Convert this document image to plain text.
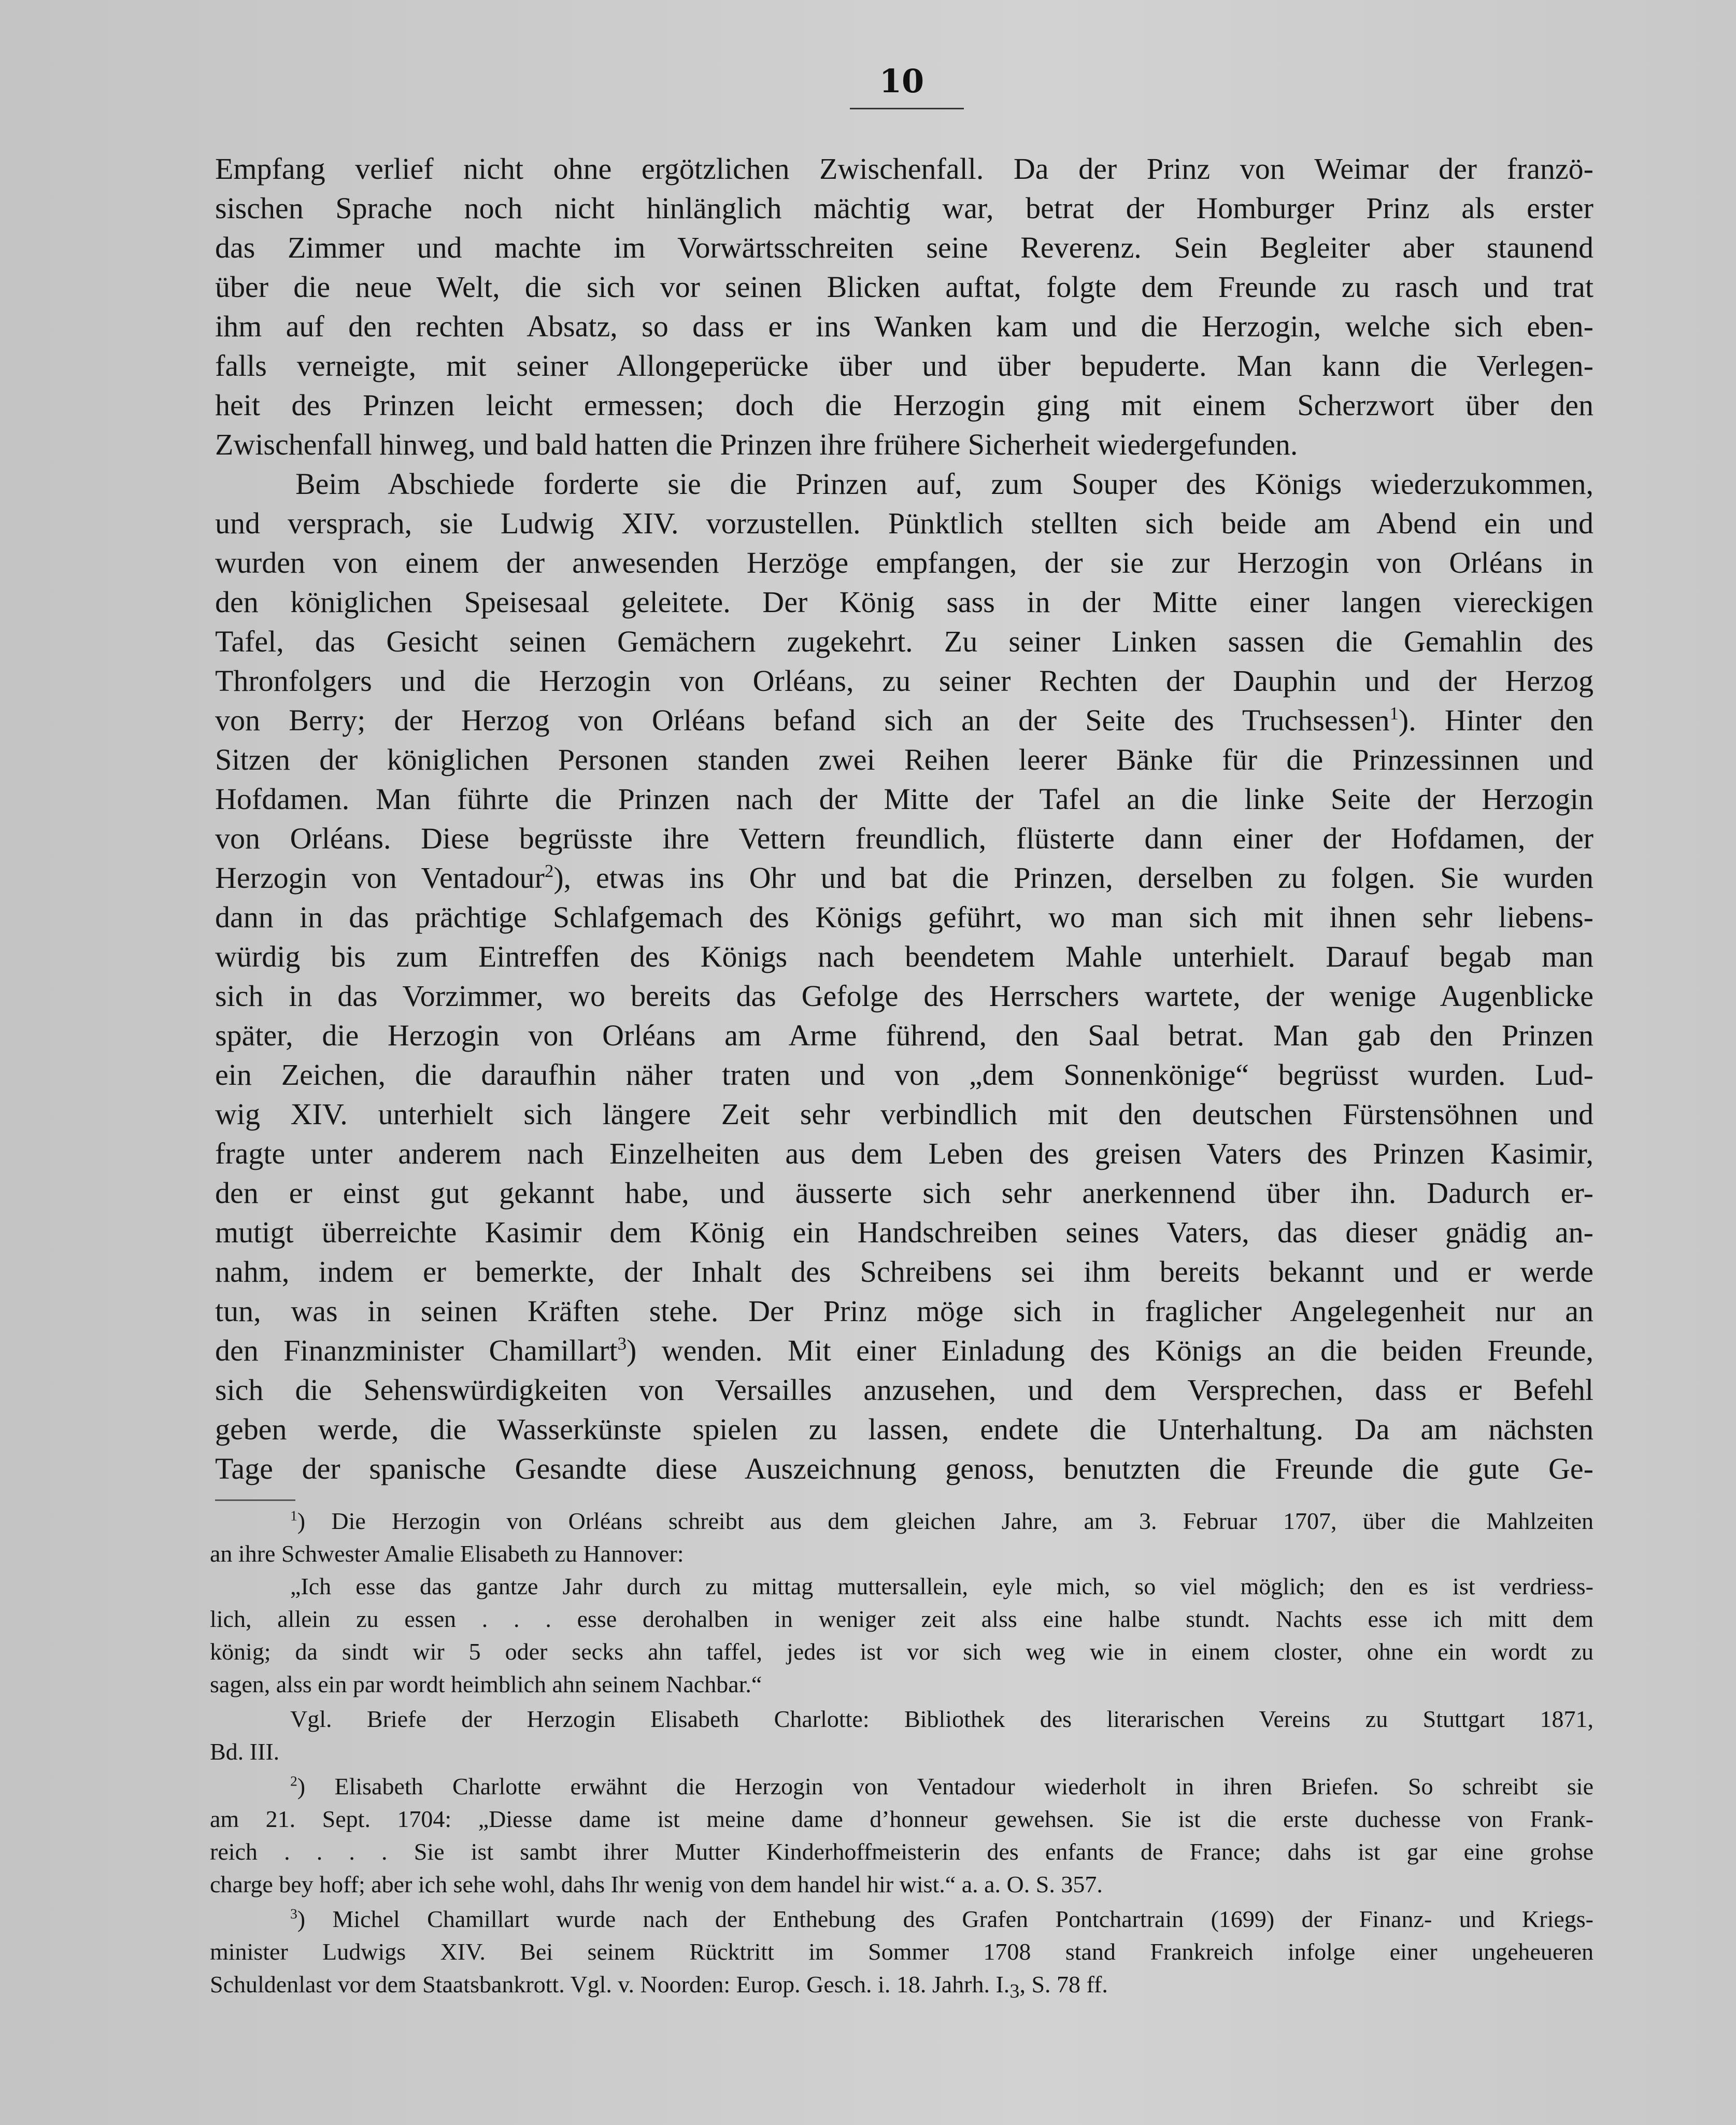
10
Empfang verlief nicht ohne ergötzlichen Zwischenfall. Da der Prinz von Weimar der franzö-
sischen Sprache noch nicht hinlänglich mächtig war, betrat der Homburger Prinz als erster
das Zimmer und machte im Vorwärtsschreiten seine Reverenz. Sein Begleiter aber staunend
über die neue Welt, die sich vor seinen Blicken auftat, folgte dem Freunde zu rasch und trat
ihm auf den rechten Absatz, so dass er ins Wanken kam und die Herzogin, welche sich eben-
falls verneigte, mit seiner Allongeperücke über und über bepuderte. Man kann die Verlegen-
heit des Prinzen leicht ermessen; doch die Herzogin ging mit einem Scherzwort über den
Zwischenfall hinweg, und bald hatten die Prinzen ihre frühere Sicherheit wiedergefunden.
Beim Abschiede forderte sie die Prinzen auf, zum Souper des Königs wiederzukommen,
und versprach, sie Ludwig XIV. vorzustellen. Pünktlich stellten sich beide am Abend ein und
wurden von einem der anwesenden Herzöge empfangen, der sie zur Herzogin von Orléans in
den königlichen Speisesaal geleitete. Der König sass in der Mitte einer langen viereckigen
Tafel, das Gesicht seinen Gemächern zugekehrt. Zu seiner Linken sassen die Gemahlin des
Thronfolgers und die Herzogin von Orléans, zu seiner Rechten der Dauphin und der Herzog
von Berry; der Herzog von Orléans befand sich an der Seite des Truchsessen$^1$). Hinter den
Sitzen der königlichen Personen standen zwei Reihen leerer Bänke für die Prinzessinnen und
Hofdamen. Man führte die Prinzen nach der Mitte der Tafel an die linke Seite der Herzogin
von Orléans. Diese begrüsste ihre Vettern freundlich, flüsterte dann einer der Hofdamen, der
Herzogin von Ventadour$^2$), etwas ins Ohr und bat die Prinzen, derselben zu folgen. Sie wurden
dann in das prächtige Schlafgemach des Königs geführt, wo man sich mit ihnen sehr liebens-
würdig bis zum Eintreffen des Königs nach beendetem Mahle unterhielt. Darauf begab man
sich in das Vorzimmer, wo bereits das Gefolge des Herrschers wartete, der wenige Augenblicke
später, die Herzogin von Orléans am Arme führend, den Saal betrat. Man gab den Prinzen
ein Zeichen, die daraufhin näher traten und von „dem Sonnenkönige“ begrüsst wurden. Lud-
wig XIV. unterhielt sich längere Zeit sehr verbindlich mit den deutschen Fürstensöhnen und
fragte unter anderem nach Einzelheiten aus dem Leben des greisen Vaters des Prinzen Kasimir,
den er einst gut gekannt habe, und äusserte sich sehr anerkennend über ihn. Dadurch er-
mutigt überreichte Kasimir dem König ein Handschreiben seines Vaters, das dieser gnädig an-
nahm, indem er bemerkte, der Inhalt des Schreibens sei ihm bereits bekannt und er werde
tun, was in seinen Kräften stehe. Der Prinz möge sich in fraglicher Angelegenheit nur an
den Finanzminister Chamillart$^3$) wenden. Mit einer Einladung des Königs an die beiden Freunde,
sich die Sehenswürdigkeiten von Versailles anzusehen, und dem Versprechen, dass er Befehl
geben werde, die Wasserkünste spielen zu lassen, endete die Unterhaltung. Da am nächsten
Tage der spanische Gesandte diese Auszeichnung genoss, benutzten die Freunde die gute Ge-
$^1$) Die Herzogin von Orléans schreibt aus dem gleichen Jahre, am 3. Februar 1707, über die Mahlzeiten
an ihre Schwester Amalie Elisabeth zu Hannover:
„Ich esse das gantze Jahr durch zu mittag muttersallein, eyle mich, so viel möglich; den es ist verdriess-
lich, allein zu essen . . . esse derohalben in weniger zeit alss eine halbe stundt. Nachts esse ich mitt dem
könig; da sindt wir 5 oder secks ahn taffel, jedes ist vor sich weg wie in einem closter, ohne ein wordt zu
sagen, alss ein par wordt heimblich ahn seinem Nachbar.“
Vgl. Briefe der Herzogin Elisabeth Charlotte: Bibliothek des literarischen Vereins zu Stuttgart 1871,
Bd. III.
$^2$) Elisabeth Charlotte erwähnt die Herzogin von Ventadour wiederholt in ihren Briefen. So schreibt sie
am 21. Sept. 1704: „Diesse dame ist meine dame d’honneur gewehsen. Sie ist die erste duchesse von Frank-
reich . . . . Sie ist sambt ihrer Mutter Kinderhoffmeisterin des enfants de France; dahs ist gar eine grohse
charge bey hoff; aber ich sehe wohl, dahs Ihr wenig von dem handel hir wist.“ a. a. O. S. 357.
$^3$) Michel Chamillart wurde nach der Enthebung des Grafen Pontchartrain (1699) der Finanz- und Kriegs-
minister Ludwigs XIV. Bei seinem Rücktritt im Sommer 1708 stand Frankreich infolge einer ungeheueren
Schuldenlast vor dem Staatsbankrott. Vgl. v. Noorden: Europ. Gesch. i. 18. Jahrh. $I._3$, S. 78 ff.
